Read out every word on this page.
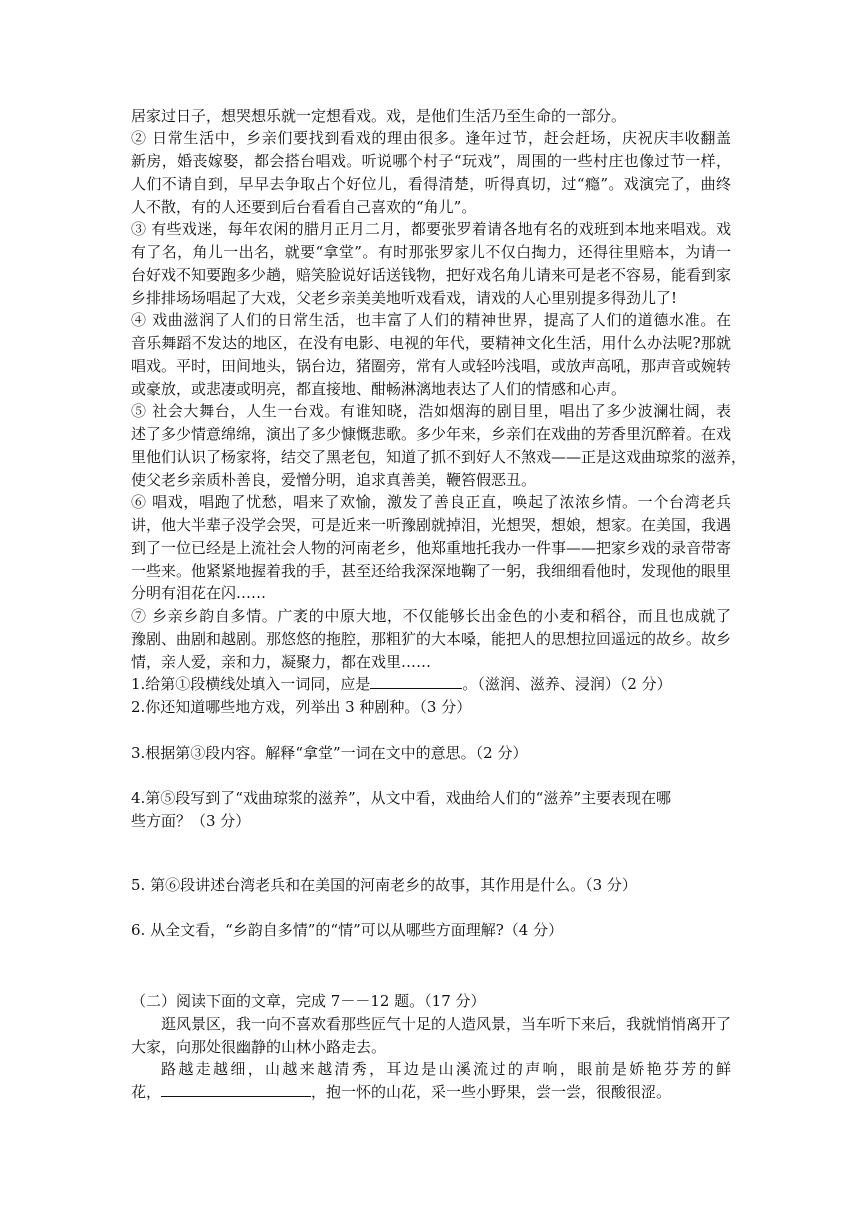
居家过日子，想哭想乐就一定想看戏。戏，是他们生活乃至生命的一部分。
② 日常生活中，乡亲们要找到看戏的理由很多。逢年过节，赶会赶场，庆祝庆丰收翻盖
新房，婚丧嫁娶，都会搭台唱戏。听说哪个村子“玩戏”，周围的一些村庄也像过节一样，
人们不请自到，早早去争取占个好位儿，看得清楚，听得真切，过“瘾”。戏演完了，曲终
人不散，有的人还要到后台看看自己喜欢的“角儿”。
③ 有些戏迷，每年农闲的腊月正月二月，都要张罗着请各地有名的戏班到本地来唱戏。戏
有了名，角儿一出名，就要“拿堂”。有时那张罗家儿不仅白掏力，还得往里赔本，为请一
台好戏不知要跑多少趟，赔笑脸说好话送钱物，把好戏名角儿请来可是老不容易，能看到家
乡排排场场唱起了大戏，父老乡亲美美地听戏看戏，请戏的人心里别提多得劲儿了!
④ 戏曲滋润了人们的日常生活，也丰富了人们的精神世界，提高了人们的道德水准。在
音乐舞蹈不发达的地区，在没有电影、电视的年代，要精神文化生活，用什么办法呢?那就
唱戏。平时，田间地头，锅台边，猪圈旁，常有人或轻吟浅唱，或放声高吼，那声音或婉转
或豪放，或悲凄或明亮，都直接地、酣畅淋漓地表达了人们的情感和心声。
⑤ 社会大舞台，人生一台戏。有谁知晓，浩如烟海的剧目里，唱出了多少波澜壮阔，表
述了多少情意绵绵，演出了多少慷慨悲歌。多少年来，乡亲们在戏曲的芳香里沉醉着。在戏
里他们认识了杨家将，结交了黑老包，知道了抓不到好人不煞戏——正是这戏曲琼浆的滋养，
使父老乡亲质朴善良，爱憎分明，追求真善美，鞭笞假恶丑。
⑥ 唱戏，唱跑了忧愁，唱来了欢愉，激发了善良正直，唤起了浓浓乡情。一个台湾老兵
讲，他大半辈子没学会哭，可是近来一听豫剧就掉泪，光想哭，想娘，想家。在美国，我遇
到了一位已经是上流社会人物的河南老乡，他郑重地托我办一件事——把家乡戏的录音带寄
一些来。他紧紧地握着我的手，甚至还给我深深地鞠了一躬，我细细看他时，发现他的眼里
分明有泪花在闪……
⑦ 乡亲乡韵自多情。广袤的中原大地，不仅能够长出金色的小麦和稻谷，而且也成就了
豫剧、曲剧和越剧。那悠悠的拖腔，那粗犷的大本嗓，能把人的思想拉回遥远的故乡。故乡
情，亲人爱，亲和力，凝聚力，都在戏里……
1.给第①段横线处填入一词同，应是	。（滋润、滋养、浸润）（2 分）
2.你还知道哪些地方戏，列举出 3 种剧种。（3 分）
3.根据第③段内容。解释“拿堂”一词在文中的意思。（2 分）
4.第⑤段写到了“戏曲琼浆的滋养”，从文中看，戏曲给人们的“滋养”主要表现在哪
些方面？（3 分）
5. 第⑥段讲述台湾老兵和在美国的河南老乡的故事，其作用是什么。（3 分）
6. 从全文看，“乡韵自多情”的“情”可以从哪些方面理解?（4 分）
（二）阅读下面的文章，完成 7－－12 题。（17 分）
逛风景区，我一向不喜欢看那些匠气十足的人造风景，当车听下来后，我就悄悄离开了
大家，向那处很幽静的山林小路走去。
路越走越细，山越来越清秀，耳边是山溪流过的声响，眼前是娇艳芬芳的鲜
花，	，抱一怀的山花，采一些小野果，尝一尝，很酸很涩。
